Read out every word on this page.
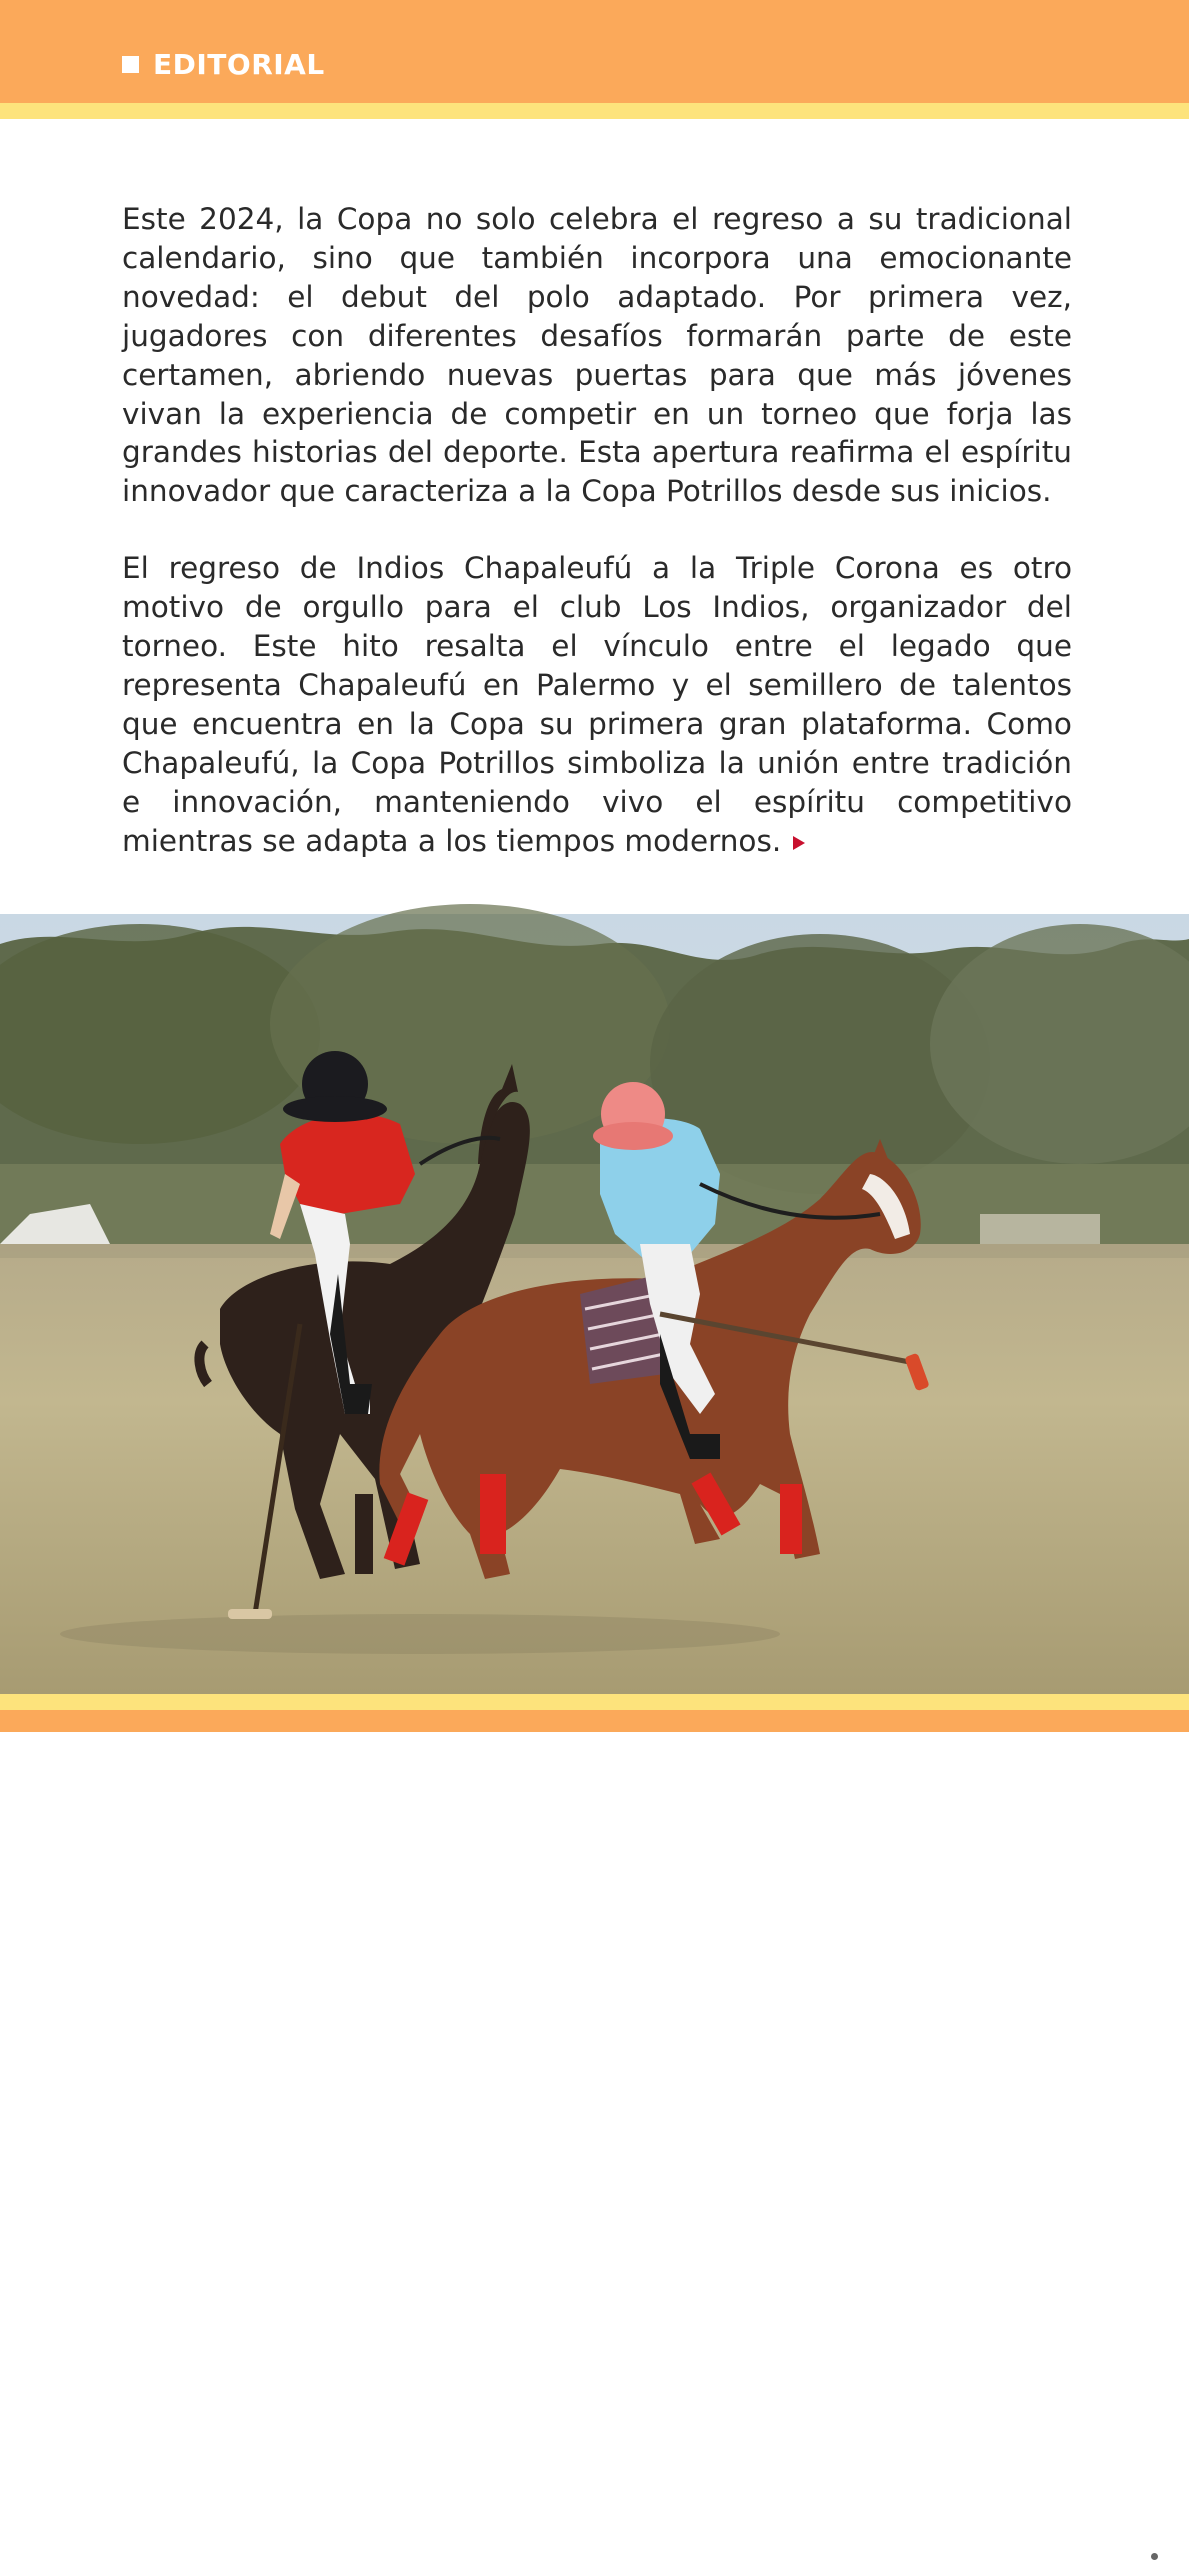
EDITORIAL

Este 2024, la Copa no solo celebra el regreso a su tradicional calendario, sino que también incorpora una emocionante novedad: el debut del polo adaptado. Por primera vez, jugadores con diferentes desafíos formarán parte de este certamen, abriendo nuevas puertas para que más jóvenes vivan la experiencia de competir en un torneo que forja las grandes historias del deporte. Esta apertura reafirma el espíritu innovador que caracteriza a la Copa Potrillos desde sus inicios.

El regreso de Indios Chapaleufú a la Triple Corona es otro motivo de orgullo para el club Los Indios, organizador del torneo. Este hito resalta el vínculo entre el legado que representa Chapaleufú en Palermo y el semillero de talentos que encuentra en la Copa su primera gran plataforma. Como Chapaleufú, la Copa Potrillos simboliza la unión entre tradición e innovación, manteniendo vivo el espíritu competitivo mientras se adapta a los tiempos modernos.

Guadalupe Aizaga
